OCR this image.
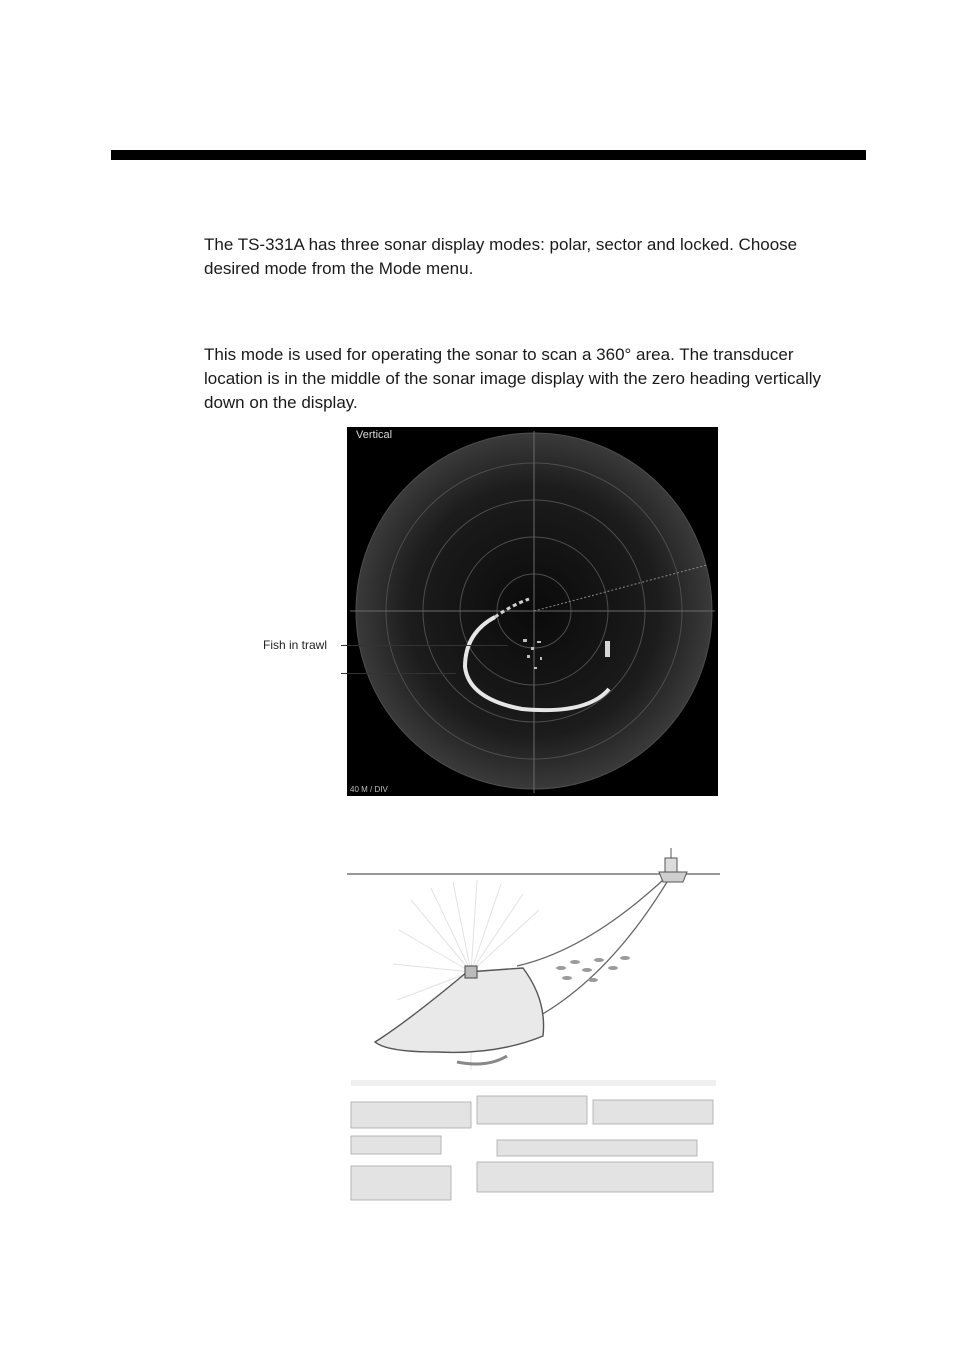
The TS-331A has three sonar display modes: polar, sector and locked. Choose desired mode from the Mode menu.

This mode is used for operating the sonar to scan a 360° area. The transducer location is in the middle of the sonar image display with the zero heading vertically down on the display.

Vertical
40 M / DIV
Fish in trawl
